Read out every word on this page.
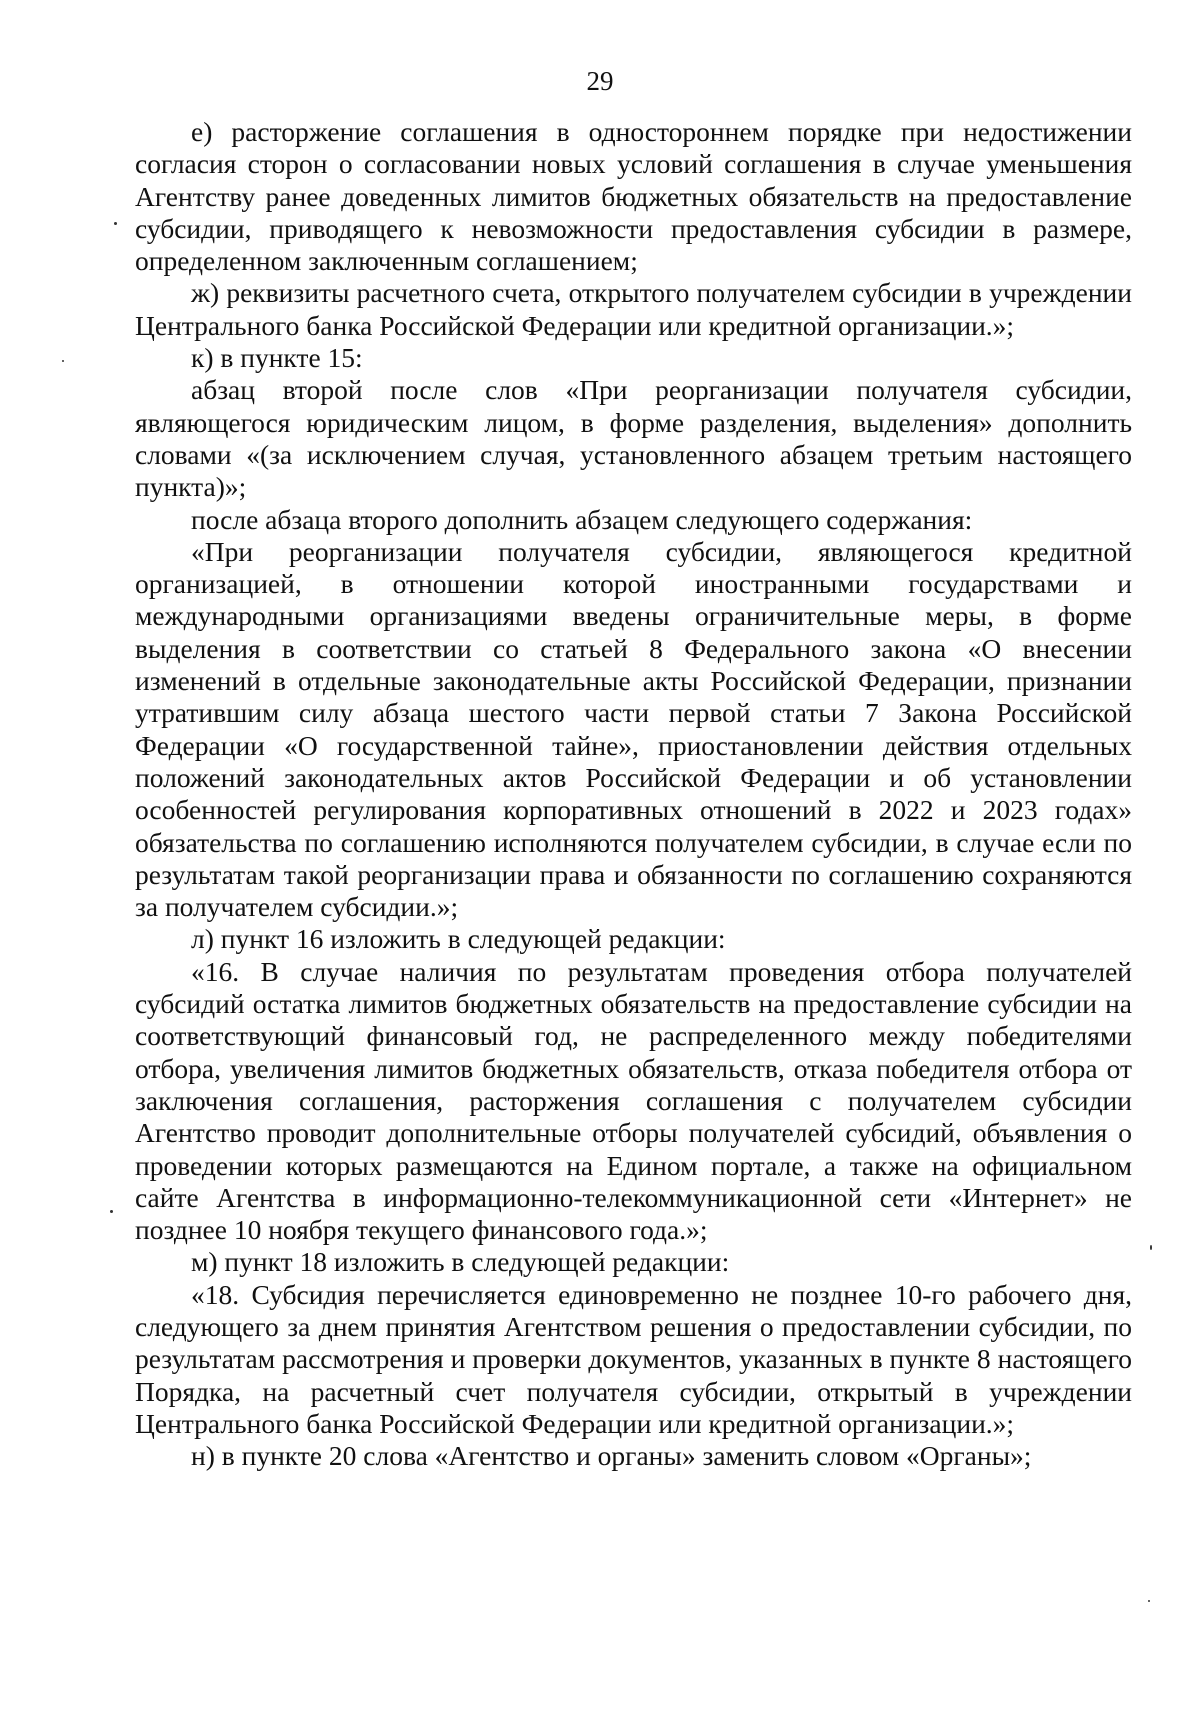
29

е) расторжение соглашения в одностороннем порядке при недостижении согласия сторон о согласовании новых условий соглашения в случае уменьшения Агентству ранее доведенных лимитов бюджетных обязательств на предоставление субсидии, приводящего к невозможности предоставления субсидии в размере, определенном заключенным соглашением;

ж) реквизиты расчетного счета, открытого получателем субсидии в учреждении Центрального банка Российской Федерации или кредитной организации.»;

к) в пункте 15:

абзац второй после слов «При реорганизации получателя субсидии, являющегося юридическим лицом, в форме разделения, выделения» дополнить словами «(за исключением случая, установленного абзацем третьим настоящего пункта)»;

после абзаца второго дополнить абзацем следующего содержания:

«При реорганизации получателя субсидии, являющегося кредитной организацией, в отношении которой иностранными государствами и международными организациями введены ограничительные меры, в форме выделения в соответствии со статьей 8 Федерального закона «О внесении изменений в отдельные законодательные акты Российской Федерации, признании утратившим силу абзаца шестого части первой статьи 7 Закона Российской Федерации «О государственной тайне», приостановлении действия отдельных положений законодательных актов Российской Федерации и об установлении особенностей регулирования корпоративных отношений в 2022 и 2023 годах» обязательства по соглашению исполняются получателем субсидии, в случае если по результатам такой реорганизации права и обязанности по соглашению сохраняются за получателем субсидии.»;

л) пункт 16 изложить в следующей редакции:

«16. В случае наличия по результатам проведения отбора получателей субсидий остатка лимитов бюджетных обязательств на предоставление субсидии на соответствующий финансовый год, не распределенного между победителями отбора, увеличения лимитов бюджетных обязательств, отказа победителя отбора от заключения соглашения, расторжения соглашения с получателем субсидии Агентство проводит дополнительные отборы получателей субсидий, объявления о проведении которых размещаются на Едином портале, а также на официальном сайте Агентства в информационно-телекоммуникационной сети «Интернет» не позднее 10 ноября текущего финансового года.»;

м) пункт 18 изложить в следующей редакции:

«18. Субсидия перечисляется единовременно не позднее 10-го рабочего дня, следующего за днем принятия Агентством решения о предоставлении субсидии, по результатам рассмотрения и проверки документов, указанных в пункте 8 настоящего Порядка, на расчетный счет получателя субсидии, открытый в учреждении Центрального банка Российской Федерации или кредитной организации.»;

н) в пункте 20 слова «Агентство и органы» заменить словом «Органы»;
